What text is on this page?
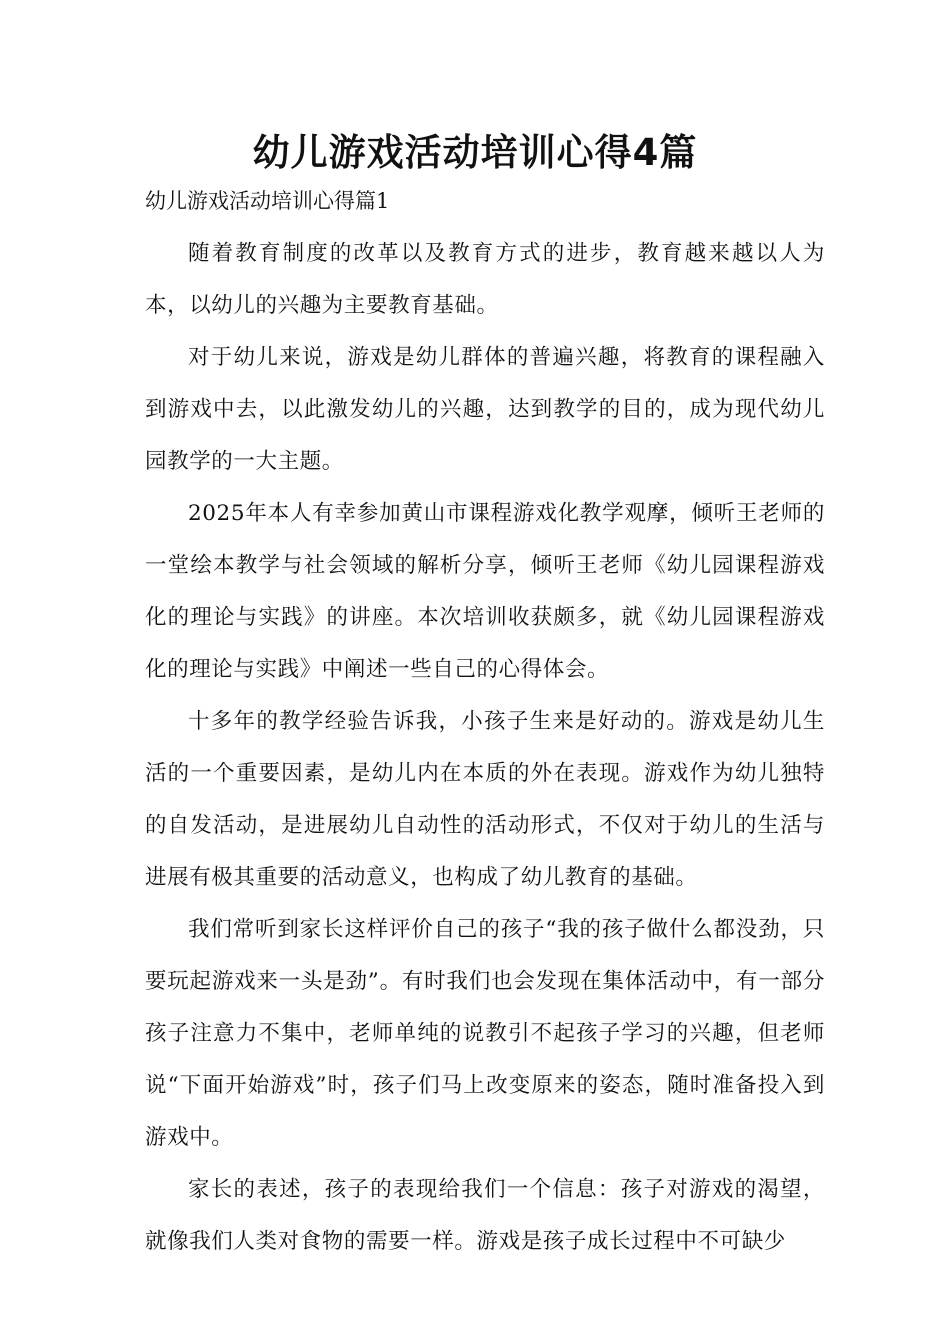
幼儿游戏活动培训心得4篇

幼儿游戏活动培训心得篇1

随着教育制度的改革以及教育方式的进步，教育越来越以人为本，以幼儿的兴趣为主要教育基础。

对于幼儿来说，游戏是幼儿群体的普遍兴趣，将教育的课程融入到游戏中去，以此激发幼儿的兴趣，达到教学的目的，成为现代幼儿园教学的一大主题。

2025年本人有幸参加黄山市课程游戏化教学观摩，倾听王老师的一堂绘本教学与社会领域的解析分享，倾听王老师《幼儿园课程游戏化的理论与实践》的讲座。本次培训收获颇多，就《幼儿园课程游戏化的理论与实践》中阐述一些自己的心得体会。

十多年的教学经验告诉我，小孩子生来是好动的。游戏是幼儿生活的一个重要因素，是幼儿内在本质的外在表现。游戏作为幼儿独特的自发活动，是进展幼儿自动性的活动形式，不仅对于幼儿的生活与进展有极其重要的活动意义，也构成了幼儿教育的基础。

我们常听到家长这样评价自己的孩子“我的孩子做什么都没劲，只要玩起游戏来一头是劲”。有时我们也会发现在集体活动中，有一部分孩子注意力不集中，老师单纯的说教引不起孩子学习的兴趣，但老师说“下面开始游戏”时，孩子们马上改变原来的姿态，随时准备投入到游戏中。

家长的表述，孩子的表现给我们一个信息：孩子对游戏的渴望，就像我们人类对食物的需要一样。游戏是孩子成长过程中不可缺少
